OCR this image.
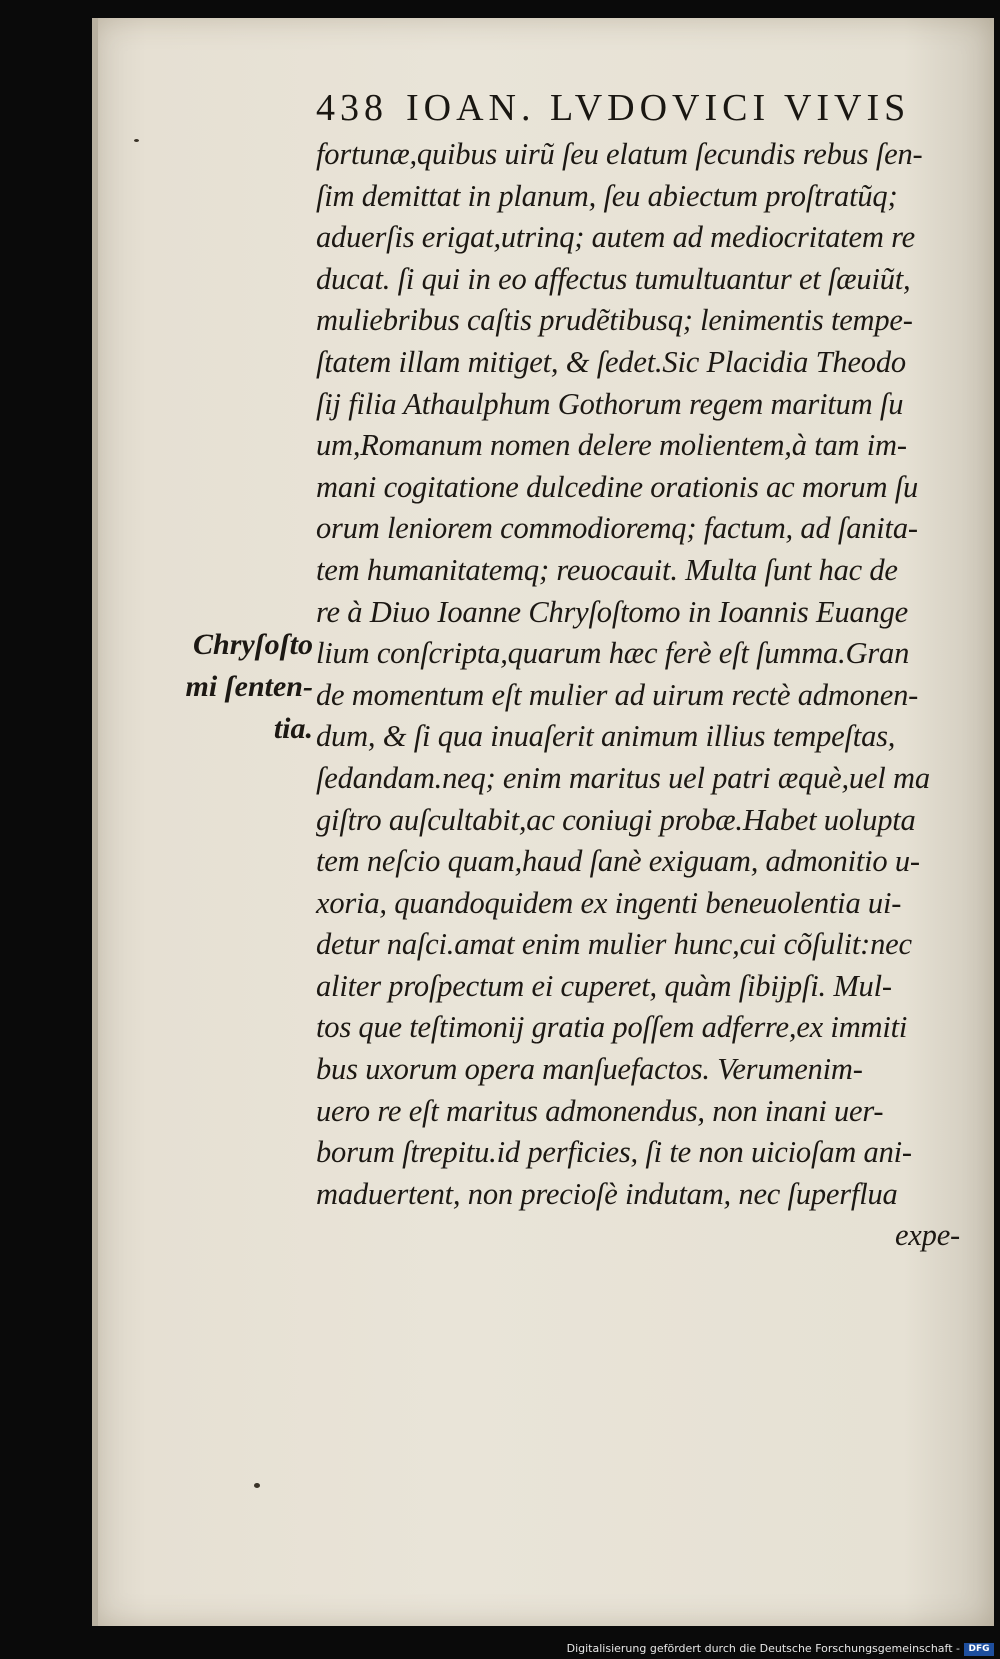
438 IOAN. LVDOVICI VIVIS
Chryſoſto
mi ſenten-
tia.
fortunæ,quibus uirũ ſeu elatum ſecundis rebus ſen-
ſim demittat in planum, ſeu abiectum proſtratũq;
aduerſis erigat,utrinq; autem ad mediocritatem re
ducat. ſi qui in eo affectus tumultuantur et ſæuiũt,
muliebribus caſtis prudẽtibusq; lenimentis tempe-
ſtatem illam mitiget, & ſedet.Sic Placidia Theodo
ſij filia Athaulphum Gothorum regem maritum ſu
um,Romanum nomen delere molientem,à tam im-
mani cogitatione dulcedine orationis ac morum ſu
orum leniorem commodioremq; factum, ad ſanita-
tem humanitatemq; reuocauit. Multa ſunt hac de
re à Diuo Ioanne Chryſoſtomo in Ioannis Euange
lium conſcripta,quarum hæc ferè eſt ſumma.Gran
de momentum eſt mulier ad uirum rectè admonen-
dum, & ſi qua inuaſerit animum illius tempeſtas,
ſedandam.neq; enim maritus uel patri æquè,uel ma
giſtro auſcultabit,ac coniugi probæ.Habet uolupta
tem neſcio quam,haud ſanè exiguam, admonitio u-
xoria, quandoquidem ex ingenti beneuolentia ui-
detur naſci.amat enim mulier hunc,cui cõſulit:nec
aliter proſpectum ei cuperet, quàm ſibijpſi. Mul-
tos que teſtimonij gratia poſſem adferre,ex immiti
bus uxorum opera manſuefactos. Verumenim-
uero re eſt maritus admonendus, non inani uer-
borum ſtrepitu.id perficies, ſi te non uicioſam ani-
maduertent, non precioſè indutam, nec ſuperflua
expe-
Digitalisierung gefördert durch die Deutsche Forschungsgemeinschaft - DFG
